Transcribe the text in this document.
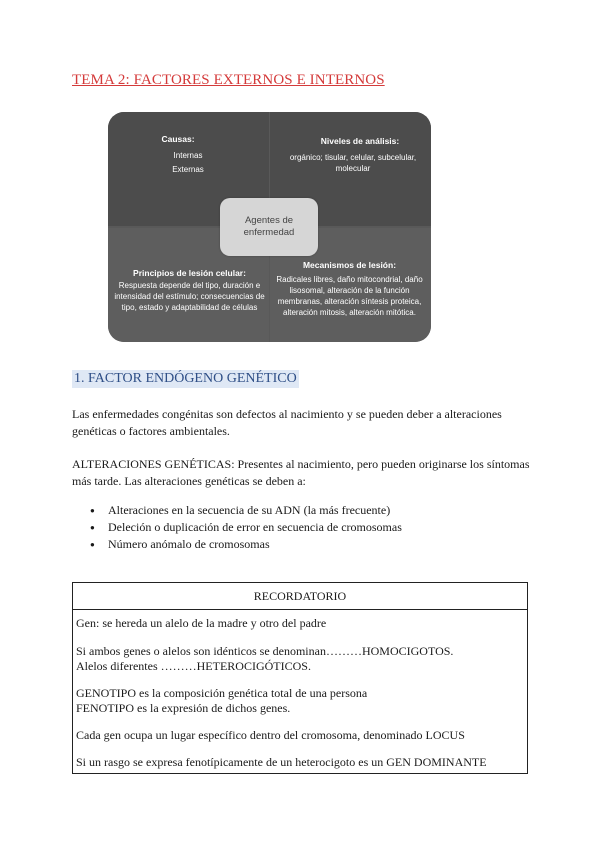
TEMA 2: FACTORES EXTERNOS E INTERNOS
Causas:
Internas
Externas
Niveles de análisis:
orgánico; tisular, celular, subcelular, molecular
Principios de lesión celular:
Respuesta depende del tipo, duración e intensidad del estímulo; consecuencias de tipo, estado y adaptabilidad de células
Mecanismos de lesión:
Radicales libres, daño mitocondrial, daño lisosomal, alteración de la función membranas, alteración síntesis proteica, alteración mitosis, alteración mitótica.
Agentes de enfermedad
1. FACTOR ENDÓGENO GENÉTICO
Las enfermedades congénitas son defectos al nacimiento y se pueden deber a alteraciones genéticas o factores ambientales.
ALTERACIONES GENÉTICAS: Presentes al nacimiento, pero pueden originarse los síntomas más tarde. Las alteraciones genéticas se deben a:
● Alteraciones en la secuencia de su ADN (la más frecuente)
● Deleción o duplicación de error en secuencia de cromosomas
● Número anómalo de cromosomas
RECORDATORIO
Gen: se hereda un alelo de la madre y otro del padre
Si ambos genes o alelos son idénticos se denominan………HOMOCIGOTOS.
Alelos diferentes ………HETEROCIGÓTICOS.
GENOTIPO es la composición genética total de una persona
FENOTIPO es la expresión de dichos genes.
Cada gen ocupa un lugar específico dentro del cromosoma, denominado LOCUS
Si un rasgo se expresa fenotípicamente de un heterocigoto es un GEN DOMINANTE
